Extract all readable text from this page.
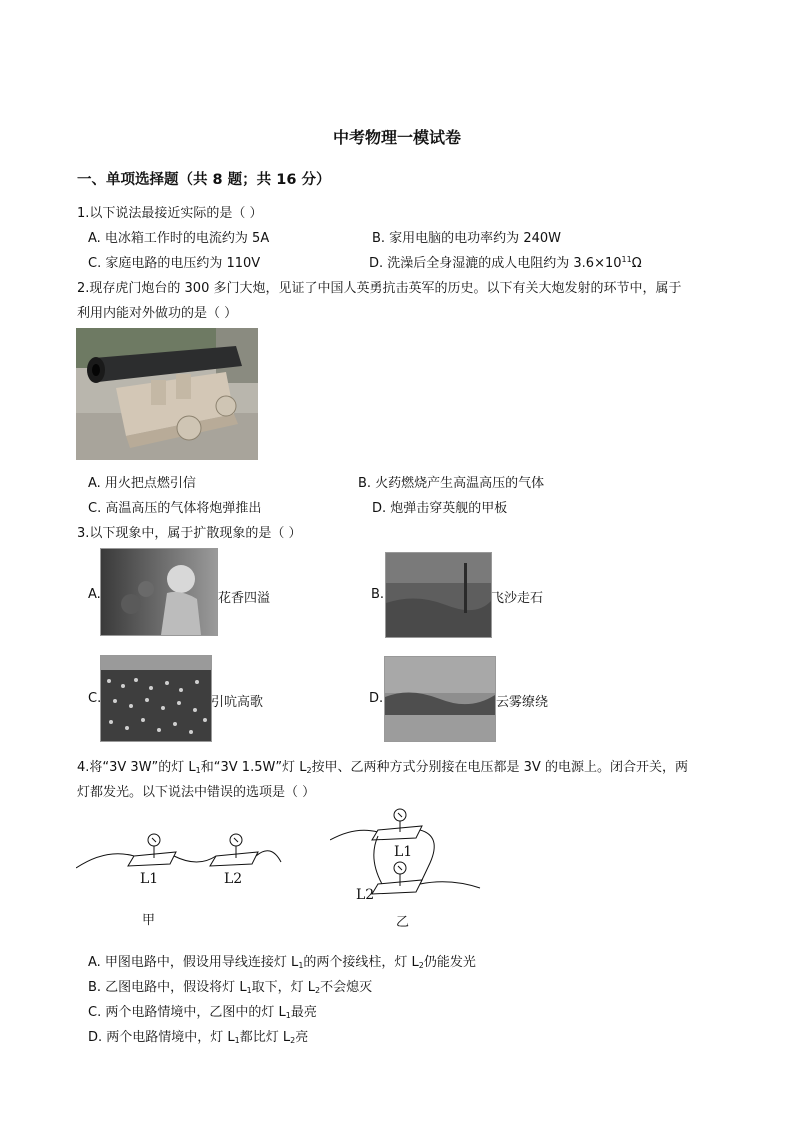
中考物理一模试卷
一、单项选择题（共 8 题；共 16 分）
1.以下说法最接近实际的是（ ）
A. 电冰箱工作时的电流约为 5A	B. 家用电脑的电功率约为 240W
C. 家庭电路的电压约为 110V	D. 洗澡后全身湿漉的成人电阻约为 $3.6\times 10^{11}\Omega$
2.现存虎门炮台的 300 多门大炮，见证了中国人英勇抗击英军的历史。以下有关大炮发射的环节中，属于
利用内能对外做功的是（ ）
A. 用火把点燃引信	B. 火药燃烧产生高温高压的气体
C. 高温高压的气体将炮弹推出	D. 炮弹击穿英舰的甲板
3.以下现象中，属于扩散现象的是（ ）
A.	花香四溢	B.	飞沙走石
C.	引吭高歌	D.	云雾缭绕
4.将“3V 3W”的灯 $L_1$和“3V 1.5W”灯 $L_2$按甲、乙两种方式分别接在电压都是 3V 的电源上。闭合开关，两
灯都发光。以下说法中错误的选项是（ ）
L1	L2
甲
L1
L2
乙
A. 甲图电路中，假设用导线连接灯 $L_1$的两个接线柱，灯 $L_2$仍能发光
B. 乙图电路中，假设将灯 $L_1$取下，灯 $L_2$不会熄灭
C. 两个电路情境中，乙图中的灯 $L_1$最亮
D. 两个电路情境中，灯 $L_1$都比灯 $L_2$亮
